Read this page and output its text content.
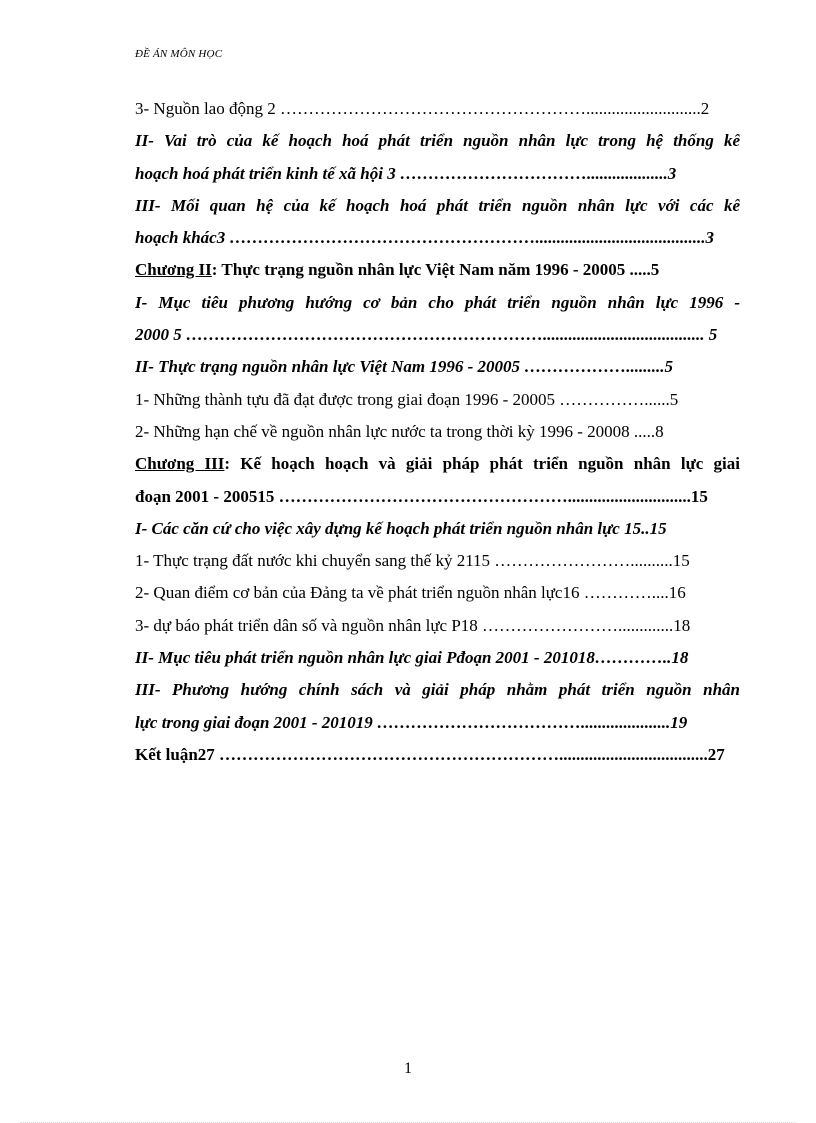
ĐỀ ÁN MÔN HỌC
3- Nguồn lao động 2 ………………………………………………...........................2
II- Vai trò của kế hoạch hoá phát triển nguồn nhân lực trong hệ thống kế
hoạch hoá phát triển kinh tế xã hội 3 ……………………………...................3
III- Mối quan hệ của kế hoạch hoá phát triển nguồn nhân lực với các kế
hoạch khác3 ………………………………………………........................................3
Chương II: Thực trạng nguồn nhân lực Việt Nam năm 1996 - 20005 .....5
I- Mục tiêu phương hướng cơ bản cho phát triển nguồn nhân lực 1996 -
2000 5 ………………………………………………………...................................... 5
II- Thực trạng nguồn nhân lực Việt Nam 1996 - 20005 ……………….........5
1- Những thành tựu đã đạt được trong giai đoạn 1996 - 20005 ……………......5
2- Những hạn chế về nguồn nhân lực nước ta trong thời kỳ 1996 - 20008 .....8
Chương III: Kế hoạch hoạch và giải pháp phát triển nguồn nhân lực giai
đoạn 2001 - 200515 …………………………………………….............................15
I- Các căn cứ cho việc xây dựng kế hoạch phát triển nguồn nhân lực 15..15
1- Thực trạng đất nước khi chuyển sang thế kỷ 2115 ……………………..........15
2- Quan điểm cơ bản của Đảng ta về phát triển nguồn nhân lực16 …………....16
3- dự báo phát triển dân số và nguồn nhân lực P18 …………………….............18
II- Mục tiêu phát triển nguồn nhân lực giai Pđoạn 2001 - 201018…………..18
III- Phương hướng chính sách và giải pháp nhằm phát triển nguồn nhân
lực trong giai đoạn 2001 - 201019 ……………………………….....................19
Kết luận27 ……………………………………………………...................................27
1
